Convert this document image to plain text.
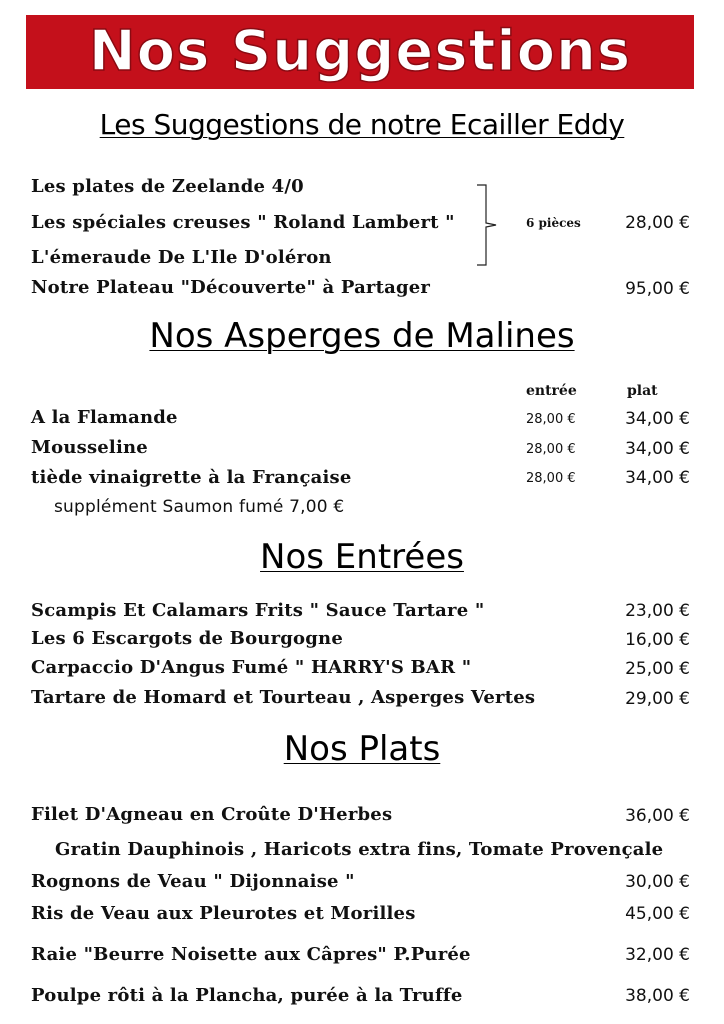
Nos Suggestions
Les Suggestions de notre Ecailler Eddy
Les plates de Zeelande 4/0
Les spéciales creuses " Roland Lambert "
L'émeraude De L'Ile D'oléron
6 pièces	28,00 €
Notre Plateau "Découverte" à Partager	95,00 €
Nos Asperges de Malines
entrée	plat
A la Flamande	28,00 €	34,00 €
Mousseline	28,00 €	34,00 €
tiède vinaigrette à la Française	28,00 €	34,00 €
supplément Saumon fumé 7,00 €
Nos Entrées
Scampis Et Calamars Frits " Sauce Tartare "	23,00 €
Les 6 Escargots de Bourgogne	16,00 €
Carpaccio D'Angus Fumé " HARRY'S BAR "	25,00 €
Tartare de Homard et Tourteau , Asperges Vertes	29,00 €
Nos Plats
Filet D'Agneau en Croûte D'Herbes	36,00 €
Gratin Dauphinois , Haricots extra fins, Tomate Provençale
Rognons de Veau " Dijonnaise "	30,00 €
Ris de Veau aux Pleurotes et Morilles	45,00 €
Raie "Beurre Noisette aux Câpres" P.Purée	32,00 €
Poulpe rôti à la Plancha, purée à la Truffe	38,00 €
